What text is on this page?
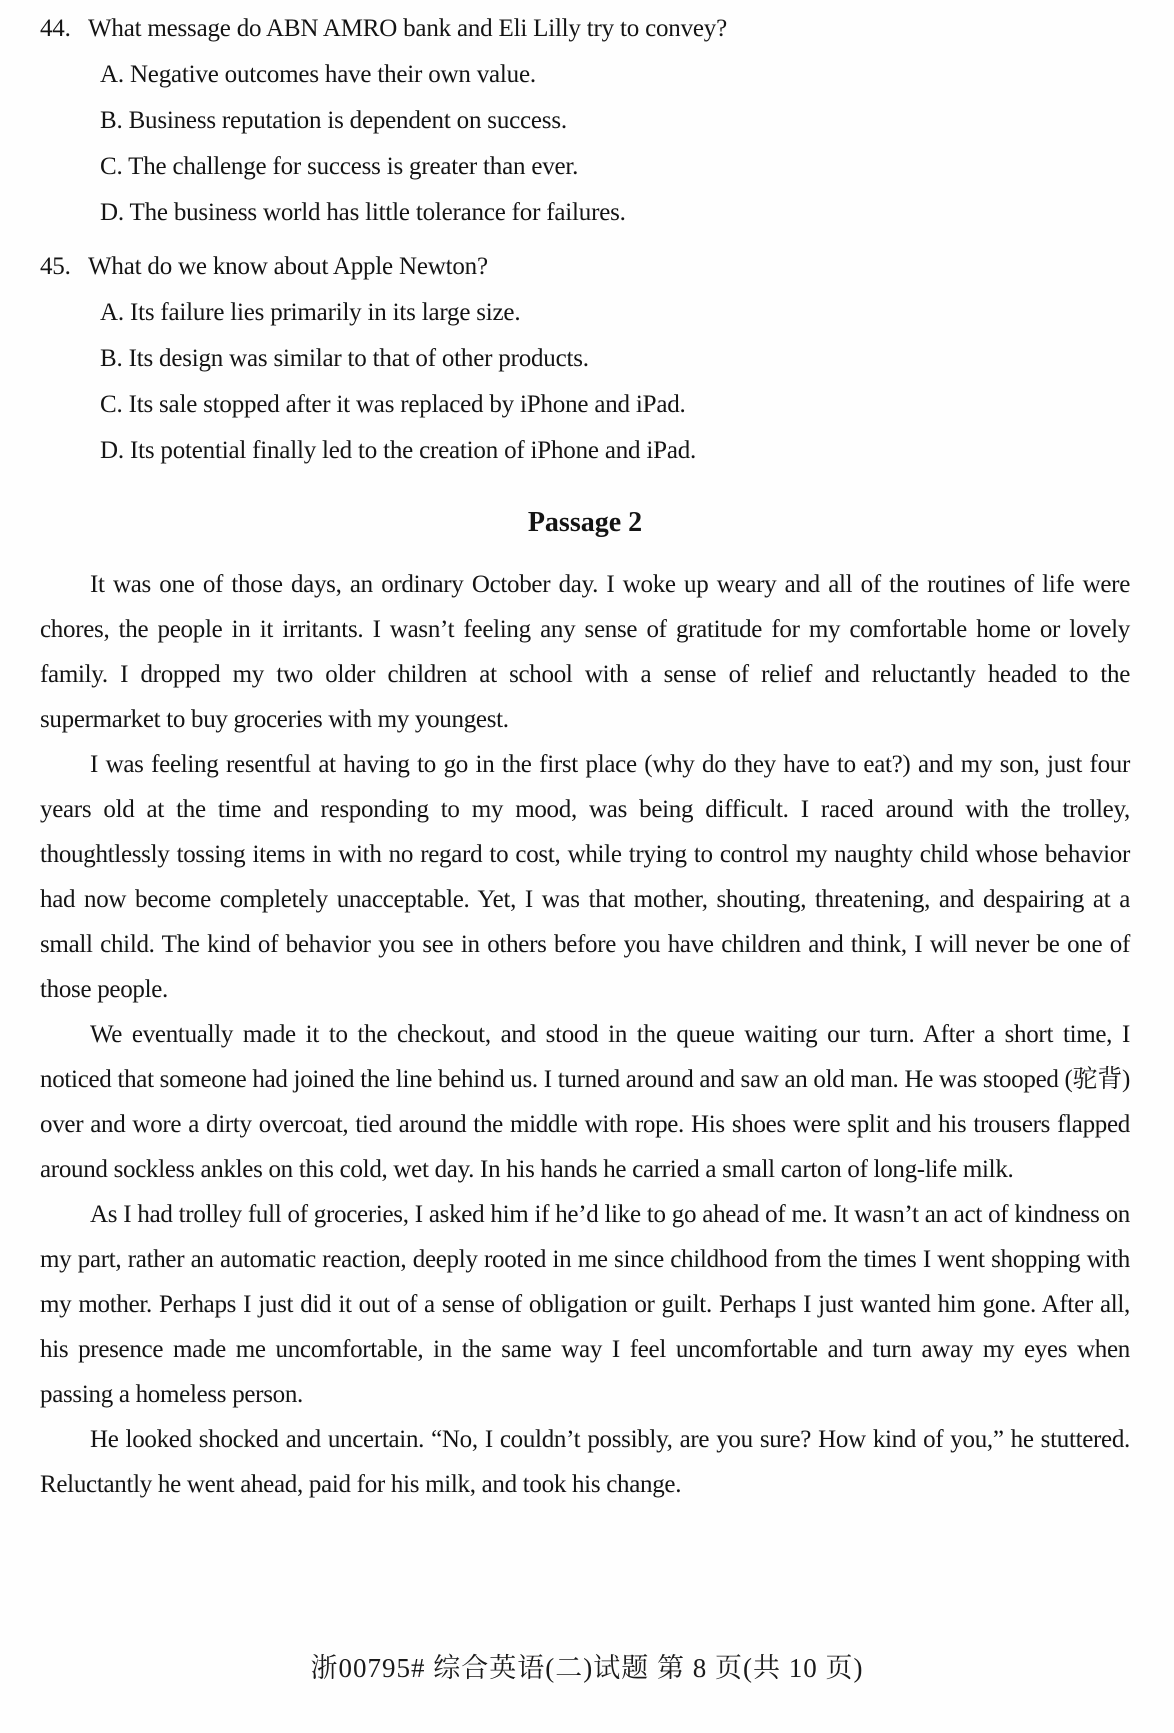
44. What message do ABN AMRO bank and Eli Lilly try to convey?
A. Negative outcomes have their own value.
B. Business reputation is dependent on success.
C. The challenge for success is greater than ever.
D. The business world has little tolerance for failures.
45. What do we know about Apple Newton?
A. Its failure lies primarily in its large size.
B. Its design was similar to that of other products.
C. Its sale stopped after it was replaced by iPhone and iPad.
D. Its potential finally led to the creation of iPhone and iPad.
Passage 2

It was one of those days, an ordinary October day. I woke up weary and all of the routines of life were chores, the people in it irritants. I wasn’t feeling any sense of gratitude for my comfortable home or lovely family. I dropped my two older children at school with a sense of relief and reluctantly headed to the supermarket to buy groceries with my youngest.

I was feeling resentful at having to go in the first place (why do they have to eat?) and my son, just four years old at the time and responding to my mood, was being difficult. I raced around with the trolley, thoughtlessly tossing items in with no regard to cost, while trying to control my naughty child whose behavior had now become completely unacceptable. Yet, I was that mother, shouting, threatening, and despairing at a small child. The kind of behavior you see in others before you have children and think, I will never be one of those people.

We eventually made it to the checkout, and stood in the queue waiting our turn. After a short time, I noticed that someone had joined the line behind us. I turned around and saw an old man. He was stooped (驼背) over and wore a dirty overcoat, tied around the middle with rope. His shoes were split and his trousers flapped around sockless ankles on this cold, wet day. In his hands he carried a small carton of long-life milk.

As I had trolley full of groceries, I asked him if he’d like to go ahead of me. It wasn’t an act of kindness on my part, rather an automatic reaction, deeply rooted in me since childhood from the times I went shopping with my mother. Perhaps I just did it out of a sense of obligation or guilt. Perhaps I just wanted him gone. After all, his presence made me uncomfortable, in the same way I feel uncomfortable and turn away my eyes when passing a homeless person.

He looked shocked and uncertain. “No, I couldn’t possibly, are you sure? How kind of you,” he stuttered. Reluctantly he went ahead, paid for his milk, and took his change.

浙00795# 综合英语(二)试题 第 8 页(共 10 页)
